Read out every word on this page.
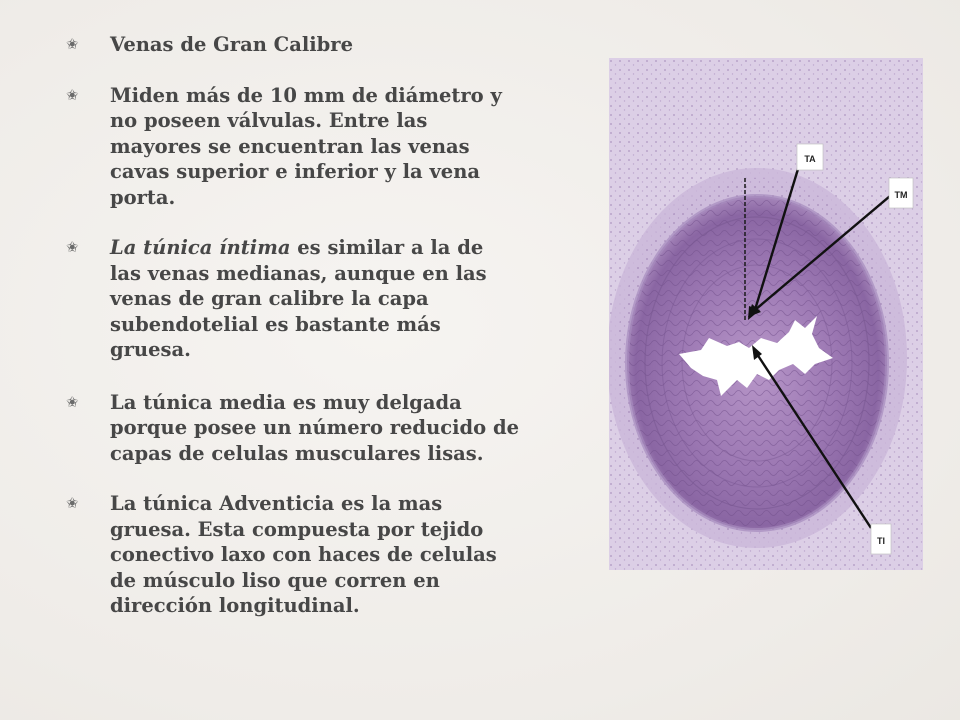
✬ Venas de Gran Calibre
✬ Miden más de 10 mm de diámetro y no poseen válvulas. Entre las mayores se encuentran las venas cavas superior e inferior y la vena porta.
✬ La túnica íntima es similar a la de las venas medianas, aunque en las venas de gran calibre la capa subendotelial es bastante más gruesa.
✬ La túnica media es muy delgada porque posee un número reducido de capas de celulas musculares lisas.
✬ La túnica Adventicia es la mas gruesa. Esta compuesta por tejido conectivo laxo con haces de celulas de músculo liso que corren en dirección longitudinal.
TA
TM
TI
